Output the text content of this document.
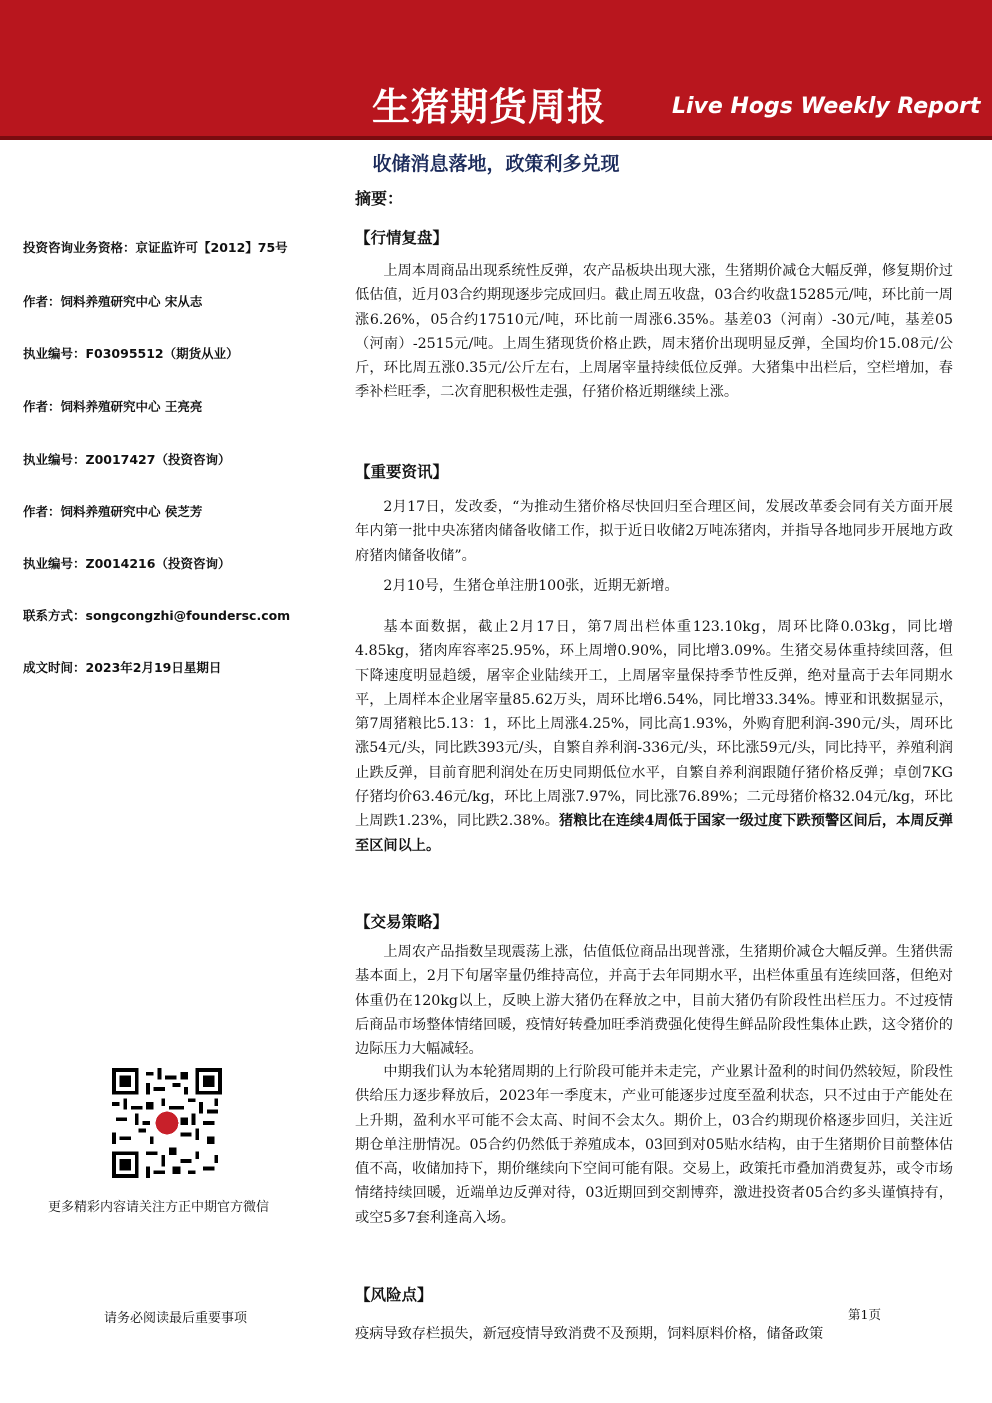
生猪期货周报	Live Hogs Weekly Report
收储消息落地，政策利多兑现
投资咨询业务资格：京证监许可【2012】75号
作者：饲料养殖研究中心 宋从志
执业编号：F03095512（期货从业）
作者：饲料养殖研究中心 王亮亮
执业编号：Z0017427（投资咨询）
作者：饲料养殖研究中心 侯芝芳
执业编号：Z0014216（投资咨询）
联系方式：songcongzhi@foundersc.com
成文时间：2023年2月19日星期日
更多精彩内容请关注方正中期官方微信
请务必阅读最后重要事项
摘要：
【行情复盘】
上周本周商品出现系统性反弹，农产品板块出现大涨，生猪期价减仓大幅反弹，修复期价过低估值，近月03合约期现逐步完成回归。截止周五收盘，03合约收盘15285元/吨，环比前一周涨6.26%，05合约17510元/吨，环比前一周涨6.35%。基差03（河南）-30元/吨，基差05（河南）-2515元/吨。上周生猪现货价格止跌，周末猪价出现明显反弹，全国均价15.08元/公斤，环比周五涨0.35元/公斤左右，上周屠宰量持续低位反弹。大猪集中出栏后，空栏增加，春季补栏旺季，二次育肥积极性走强，仔猪价格近期继续上涨。
【重要资讯】
2月17日，发改委，“为推动生猪价格尽快回归至合理区间，发展改革委会同有关方面开展年内第一批中央冻猪肉储备收储工作，拟于近日收储2万吨冻猪肉，并指导各地同步开展地方政府猪肉储备收储”。
2月10号，生猪仓单注册100张，近期无新增。
基本面数据，截止2月17日，第7周出栏体重123.10kg，周环比降0.03kg，同比增4.85kg，猪肉库容率25.95%，环上周增0.90%，同比增3.09%。生猪交易体重持续回落，但下降速度明显趋缓，屠宰企业陆续开工，上周屠宰量保持季节性反弹，绝对量高于去年同期水平，上周样本企业屠宰量85.62万头，周环比增6.54%，同比增33.34%。博亚和讯数据显示，第7周猪粮比5.13：1，环比上周涨4.25%，同比高1.93%，外购育肥利润-390元/头，周环比涨54元/头，同比跌393元/头，自繁自养利润-336元/头，环比涨59元/头，同比持平，养殖利润止跌反弹，目前育肥利润处在历史同期低位水平，自繁自养利润跟随仔猪价格反弹；卓创7KG仔猪均价63.46元/kg，环比上周涨7.97%，同比涨76.89%；二元母猪价格32.04元/kg，环比上周跌1.23%，同比跌2.38%。猪粮比在连续4周低于国家一级过度下跌预警区间后，本周反弹至区间以上。
【交易策略】
上周农产品指数呈现震荡上涨，估值低位商品出现普涨，生猪期价减仓大幅反弹。生猪供需基本面上，2月下旬屠宰量仍维持高位，并高于去年同期水平，出栏体重虽有连续回落，但绝对体重仍在120kg以上，反映上游大猪仍在释放之中，目前大猪仍有阶段性出栏压力。不过疫情后商品市场整体情绪回暖，疫情好转叠加旺季消费强化使得生鲜品阶段性集体止跌，这令猪价的边际压力大幅减轻。
中期我们认为本轮猪周期的上行阶段可能并未走完，产业累计盈利的时间仍然较短，阶段性供给压力逐步释放后，2023年一季度末，产业可能逐步过度至盈利状态，只不过由于产能处在上升期，盈利水平可能不会太高、时间不会太久。期价上，03合约期现价格逐步回归，关注近期仓单注册情况。05合约仍然低于养殖成本，03回到对05贴水结构，由于生猪期价目前整体估值不高，收储加持下，期价继续向下空间可能有限。交易上，政策托市叠加消费复苏，或令市场情绪持续回暖，近端单边反弹对待，03近期回到交割博弈，激进投资者05合约多头谨慎持有，或空5多7套利逢高入场。
【风险点】
第1页
疫病导致存栏损失，新冠疫情导致消费不及预期，饲料原料价格，储备政策
